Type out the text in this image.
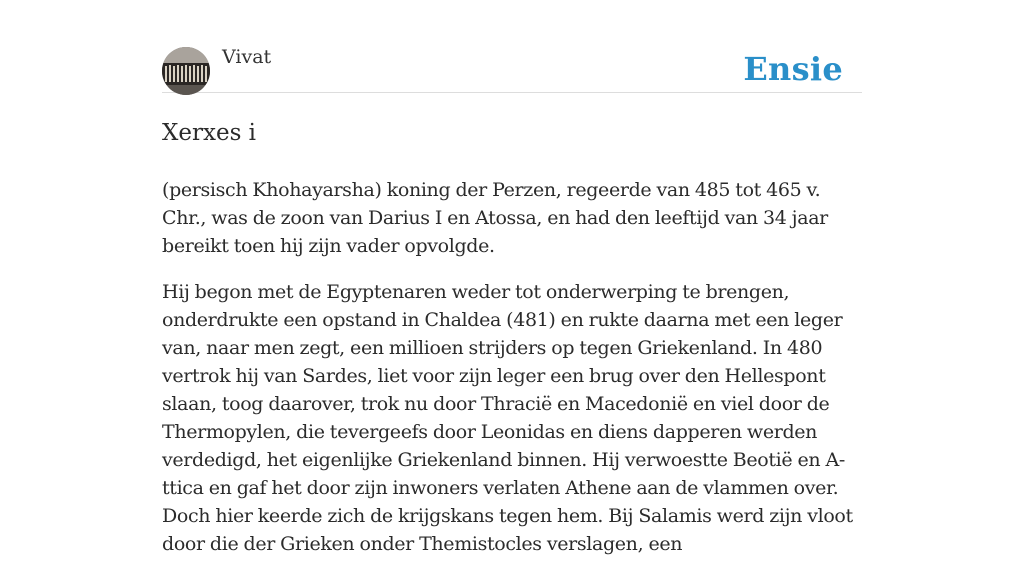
Vivat	Ensie
Xerxes i

(persisch Khohayarsha) koning der Perzen, regeerde van 485 tot 465 v. Chr., was de zoon van Darius I en Atossa, en had den leeftijd van 34 jaar bereikt toen hij zijn vader opvolgde.

Hij begon met de Egyptenaren weder tot onderwerping te brengen, onderdrukte een opstand in Chaldea (481) en rukte daarna met een leger van, naar men zegt, een millioen strijders op tegen Griekenland. In 480 vertrok hij van Sardes, liet voor zijn leger een brug over den Hellespont slaan, toog daarover, trok nu door Thracië en Macedonië en viel door de Thermopylen, die tevergeefs door Leonidas en diens dapperen werden verdedigd, het eigenlijke Griekenland binnen. Hij verwoestte Beotië en A-ttica en gaf het door zijn inwoners verlaten Athene aan de vlammen over. Doch hier keerde zich de krijgskans tegen hem. Bij Salamis werd zijn vloot door die der Grieken onder Themistocles verslagen, een
